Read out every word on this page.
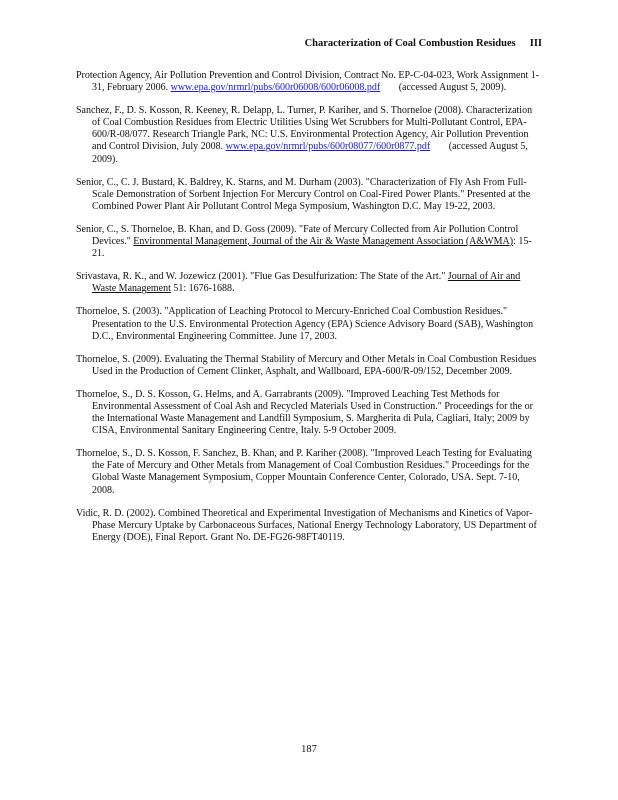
Characterization of Coal Combustion Residues III

Protection Agency, Air Pollution Prevention and Control Division, Contract No. EP-C-04-023, Work Assignment 1-31, February 2006. www.epa.gov/nrmrl/pubs/600r06008/600r06008.pdf (accessed August 5, 2009).

Sanchez, F., D. S. Kosson, R. Keeney, R. Delapp, L. Turner, P. Kariher, and S. Thorneloe (2008). Characterization of Coal Combustion Residues from Electric Utilities Using Wet Scrubbers for Multi-Pollutant Control, EPA-600/R-08/077. Research Triangle Park, NC: U.S. Environmental Protection Agency, Air Pollution Prevention and Control Division, July 2008. www.epa.gov/nrmrl/pubs/600r08077/600r0877.pdf (accessed August 5, 2009).

Senior, C., C. J. Bustard, K. Baldrey, K. Starns, and M. Durham (2003). "Characterization of Fly Ash From Full-Scale Demonstration of Sorbent Injection For Mercury Control on Coal-Fired Power Plants." Presented at the Combined Power Plant Air Pollutant Control Mega Symposium, Washington D.C. May 19-22, 2003.

Senior, C., S. Thorneloe, B. Khan, and D. Goss (2009). "Fate of Mercury Collected from Air Pollution Control Devices." Environmental Management, Journal of the Air & Waste Management Association (A&WMA): 15-21.

Srivastava, R. K., and W. Jozewicz (2001). "Flue Gas Desulfurization: The State of the Art." Journal of Air and Waste Management 51: 1676-1688.

Thorneloe, S. (2003). "Application of Leaching Protocol to Mercury-Enriched Coal Combustion Residues." Presentation to the U.S. Environmental Protection Agency (EPA) Science Advisory Board (SAB), Washington D.C., Environmental Engineering Committee. June 17, 2003.

Thorneloe, S. (2009). Evaluating the Thermal Stability of Mercury and Other Metals in Coal Combustion Residues Used in the Production of Cement Clinker, Asphalt, and Wallboard, EPA-600/R-09/152, December 2009.

Thorneloe, S., D. S. Kosson, G. Helms, and A. Garrabrants (2009). "Improved Leaching Test Methods for Environmental Assessment of Coal Ash and Recycled Materials Used in Construction." Proceedings for the or the International Waste Management and Landfill Symposium, S. Margherita di Pula, Cagliari, Italy; 2009 by CISA, Environmental Sanitary Engineering Centre, Italy. 5-9 October 2009.

Thorneloe, S., D. S. Kosson, F. Sanchez, B. Khan, and P. Kariher (2008). "Improved Leach Testing for Evaluating the Fate of Mercury and Other Metals from Management of Coal Combustion Residues." Proceedings for the Global Waste Management Symposium, Copper Mountain Conference Center, Colorado, USA. Sept. 7-10, 2008.

Vidic, R. D. (2002). Combined Theoretical and Experimental Investigation of Mechanisms and Kinetics of Vapor-Phase Mercury Uptake by Carbonaceous Surfaces, National Energy Technology Laboratory, US Department of Energy (DOE), Final Report. Grant No. DE-FG26-98FT40119.

187
